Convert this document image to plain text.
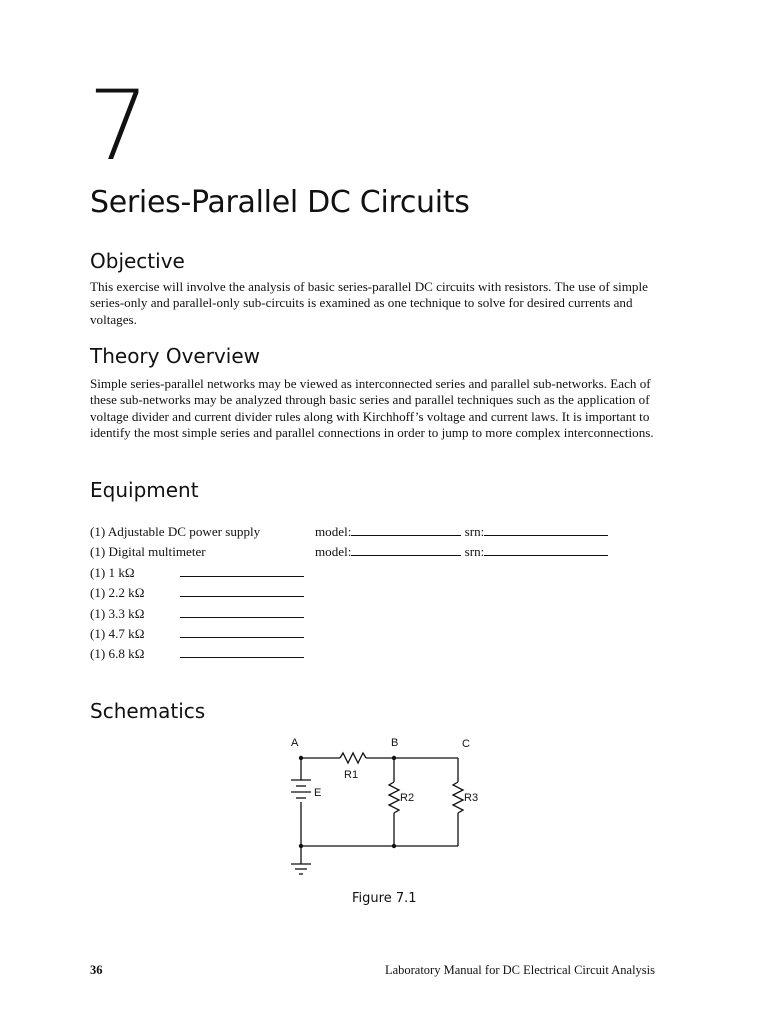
7
Series-Parallel DC Circuits
Objective

This exercise will involve the analysis of basic series-parallel DC circuits with resistors. The use of simple series-only and parallel-only sub-circuits is examined as one technique to solve for desired currents and voltages.

Theory Overview

Simple series-parallel networks may be viewed as interconnected series and parallel sub-networks. Each of these sub-networks may be analyzed through basic series and parallel techniques such as the application of voltage divider and current divider rules along with Kirchhoff’s voltage and current laws. It is important to identify the most simple series and parallel connections in order to jump to more complex interconnections.

Equipment
(1) Adjustable DC power supply	model:	srn:
(1) Digital multimeter	model:	srn:
(1) 1 kΩ
(1) 2.2 kΩ
(1) 3.3 kΩ
(1) 4.7 kΩ
(1) 6.8 kΩ
Schematics
A	B	C
R1
R2	R3
E
Figure 7.1
36	Laboratory Manual for DC Electrical Circuit Analysis
